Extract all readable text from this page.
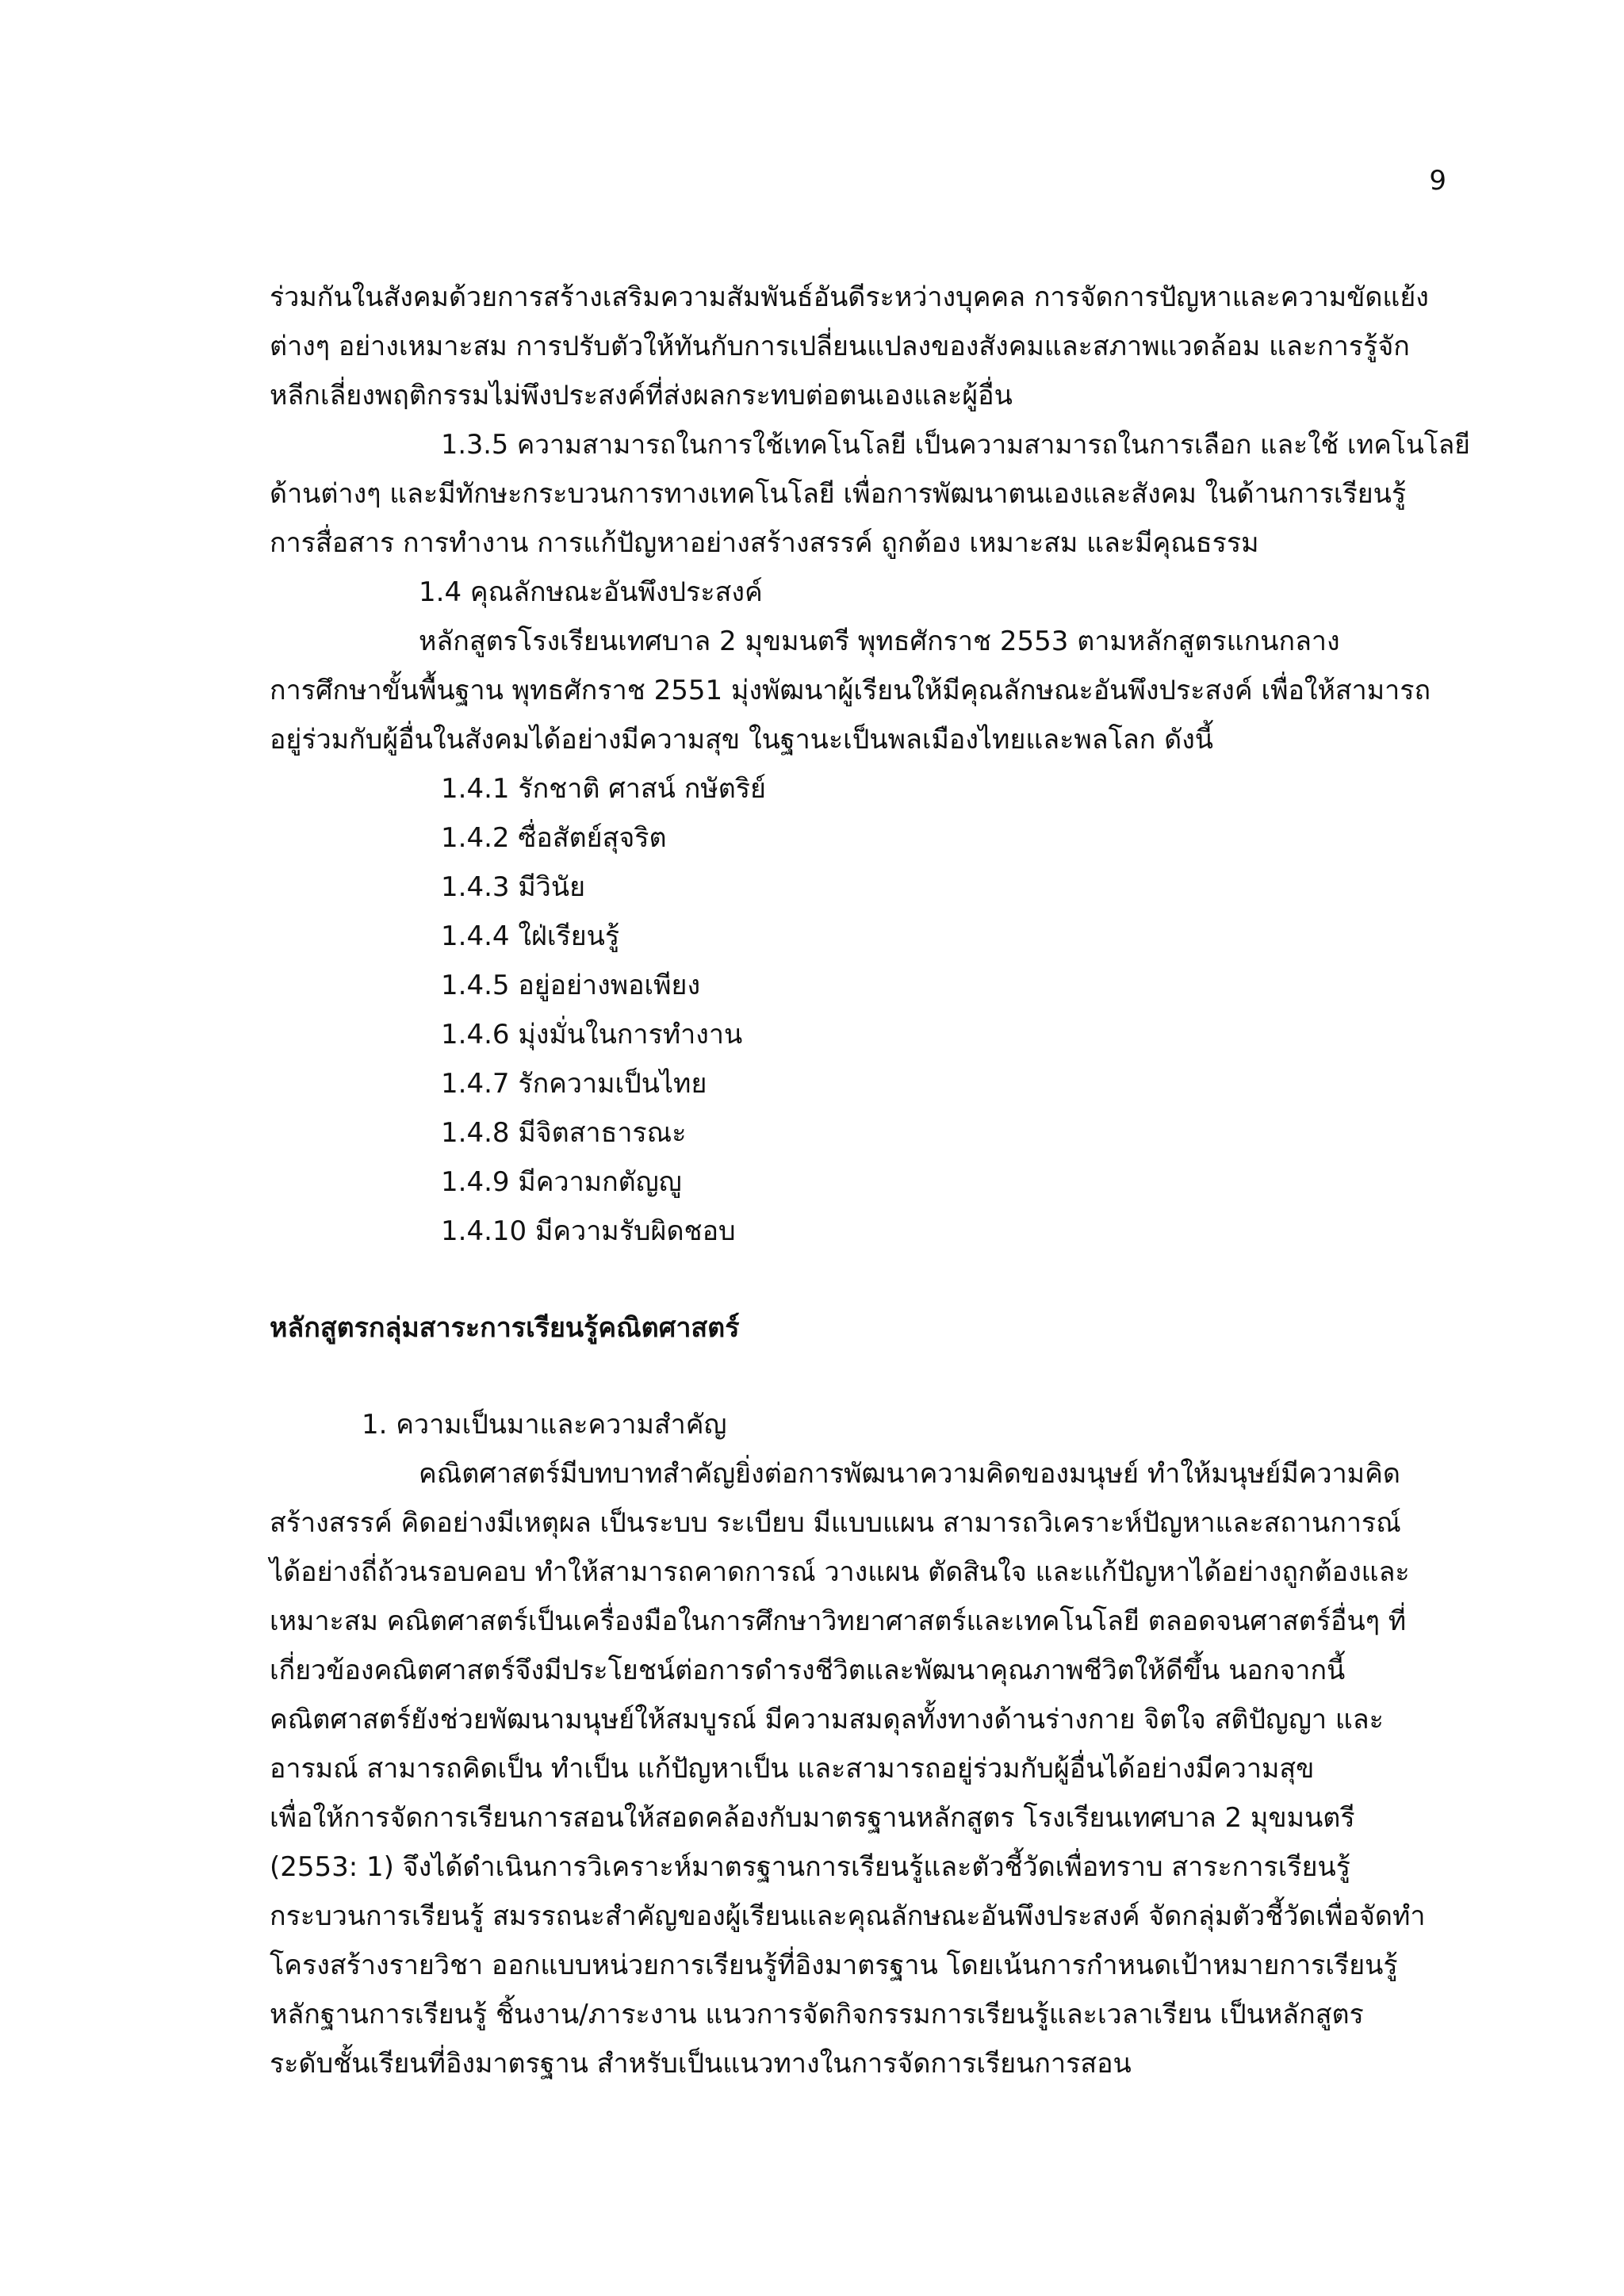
9
ร่วมกันในสังคมด้วยการสร้างเสริมความสัมพันธ์อันดีระหว่างบุคคล การจัดการปัญหาและความขัดแย้ง
ต่างๆ อย่างเหมาะสม การปรับตัวให้ทันกับการเปลี่ยนแปลงของสังคมและสภาพแวดล้อม และการรู้จัก
หลีกเลี่ยงพฤติกรรมไม่พึงประสงค์ที่ส่งผลกระทบต่อตนเองและผู้อื่น
1.3.5 ความสามารถในการใช้เทคโนโลยี เป็นความสามารถในการเลือก และใช้ เทคโนโลยี
ด้านต่างๆ และมีทักษะกระบวนการทางเทคโนโลยี เพื่อการพัฒนาตนเองและสังคม ในด้านการเรียนรู้
การสื่อสาร การทำงาน การแก้ปัญหาอย่างสร้างสรรค์ ถูกต้อง เหมาะสม และมีคุณธรรม
1.4 คุณลักษณะอันพึงประสงค์
หลักสูตรโรงเรียนเทศบาล 2 มุขมนตรี พุทธศักราช 2553 ตามหลักสูตรแกนกลาง
การศึกษาขั้นพื้นฐาน พุทธศักราช 2551 มุ่งพัฒนาผู้เรียนให้มีคุณลักษณะอันพึงประสงค์ เพื่อให้สามารถ
อยู่ร่วมกับผู้อื่นในสังคมได้อย่างมีความสุข ในฐานะเป็นพลเมืองไทยและพลโลก ดังนี้
1.4.1 รักชาติ ศาสน์ กษัตริย์
1.4.2 ซื่อสัตย์สุจริต
1.4.3 มีวินัย
1.4.4 ใฝ่เรียนรู้
1.4.5 อยู่อย่างพอเพียง
1.4.6 มุ่งมั่นในการทำงาน
1.4.7 รักความเป็นไทย
1.4.8 มีจิตสาธารณะ
1.4.9 มีความกตัญญู
1.4.10 มีความรับผิดชอบ
หลักสูตรกลุ่มสาระการเรียนรู้คณิตศาสตร์
1. ความเป็นมาและความสำคัญ
คณิตศาสตร์มีบทบาทสำคัญยิ่งต่อการพัฒนาความคิดของมนุษย์ ทำให้มนุษย์มีความคิด
สร้างสรรค์ คิดอย่างมีเหตุผล เป็นระบบ ระเบียบ มีแบบแผน สามารถวิเคราะห์ปัญหาและสถานการณ์
ได้อย่างถี่ถ้วนรอบคอบ ทำให้สามารถคาดการณ์ วางแผน ตัดสินใจ และแก้ปัญหาได้อย่างถูกต้องและ
เหมาะสม คณิตศาสตร์เป็นเครื่องมือในการศึกษาวิทยาศาสตร์และเทคโนโลยี ตลอดจนศาสตร์อื่นๆ ที่
เกี่ยวข้องคณิตศาสตร์จึงมีประโยชน์ต่อการดำรงชีวิตและพัฒนาคุณภาพชีวิตให้ดีขึ้น นอกจากนี้
คณิตศาสตร์ยังช่วยพัฒนามนุษย์ให้สมบูรณ์ มีความสมดุลทั้งทางด้านร่างกาย จิตใจ สติปัญญา และ
อารมณ์ สามารถคิดเป็น ทำเป็น แก้ปัญหาเป็น และสามารถอยู่ร่วมกับผู้อื่นได้อย่างมีความสุข
เพื่อให้การจัดการเรียนการสอนให้สอดคล้องกับมาตรฐานหลักสูตร โรงเรียนเทศบาล 2 มุขมนตรี
(2553: 1) จึงได้ดำเนินการวิเคราะห์มาตรฐานการเรียนรู้และตัวชี้วัดเพื่อทราบ สาระการเรียนรู้
กระบวนการเรียนรู้ สมรรถนะสำคัญของผู้เรียนและคุณลักษณะอันพึงประสงค์ จัดกลุ่มตัวชี้วัดเพื่อจัดทำ
โครงสร้างรายวิชา ออกแบบหน่วยการเรียนรู้ที่อิงมาตรฐาน โดยเน้นการกำหนดเป้าหมายการเรียนรู้
หลักฐานการเรียนรู้ ชิ้นงาน/ภาระงาน แนวการจัดกิจกรรมการเรียนรู้และเวลาเรียน เป็นหลักสูตร
ระดับชั้นเรียนที่อิงมาตรฐาน สำหรับเป็นแนวทางในการจัดการเรียนการสอน
